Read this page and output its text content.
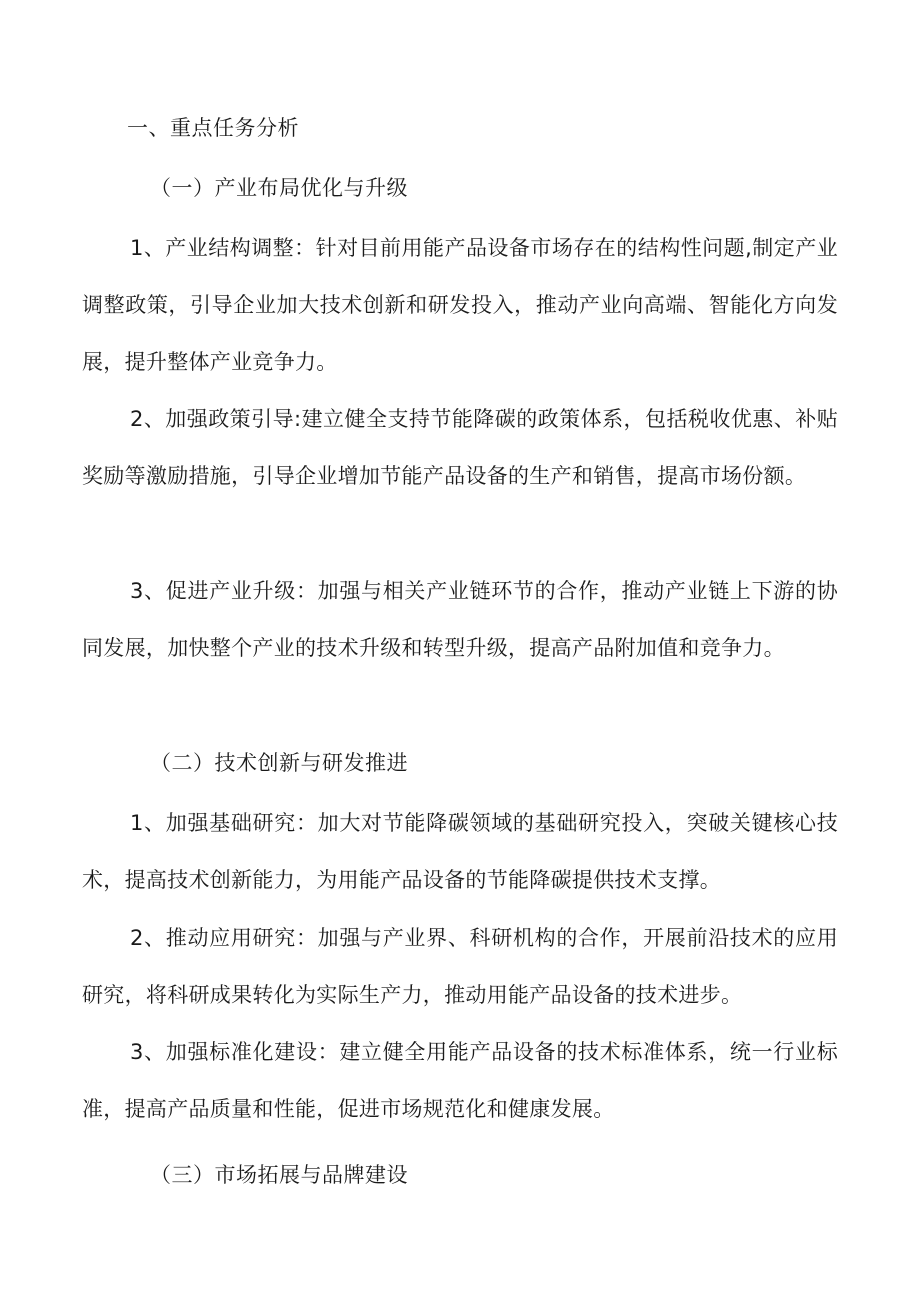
一、重点任务分析
（一）产业布局优化与升级
1、产业结构调整：针对目前用能产品设备市场存在的结构性问题,制定产业调整政策，引导企业加大技术创新和研发投入，推动产业向高端、智能化方向发展，提升整体产业竞争力。
2、加强政策引导:建立健全支持节能降碳的政策体系，包括税收优惠、补贴奖励等激励措施，引导企业增加节能产品设备的生产和销售，提高市场份额。
3、促进产业升级：加强与相关产业链环节的合作，推动产业链上下游的协同发展，加快整个产业的技术升级和转型升级，提高产品附加值和竞争力。
（二）技术创新与研发推进
1、加强基础研究：加大对节能降碳领域的基础研究投入，突破关键核心技术，提高技术创新能力，为用能产品设备的节能降碳提供技术支撑。
2、推动应用研究：加强与产业界、科研机构的合作，开展前沿技术的应用研究，将科研成果转化为实际生产力，推动用能产品设备的技术进步。
3、加强标准化建设：建立健全用能产品设备的技术标准体系，统一行业标准，提高产品质量和性能，促进市场规范化和健康发展。
（三）市场拓展与品牌建设
